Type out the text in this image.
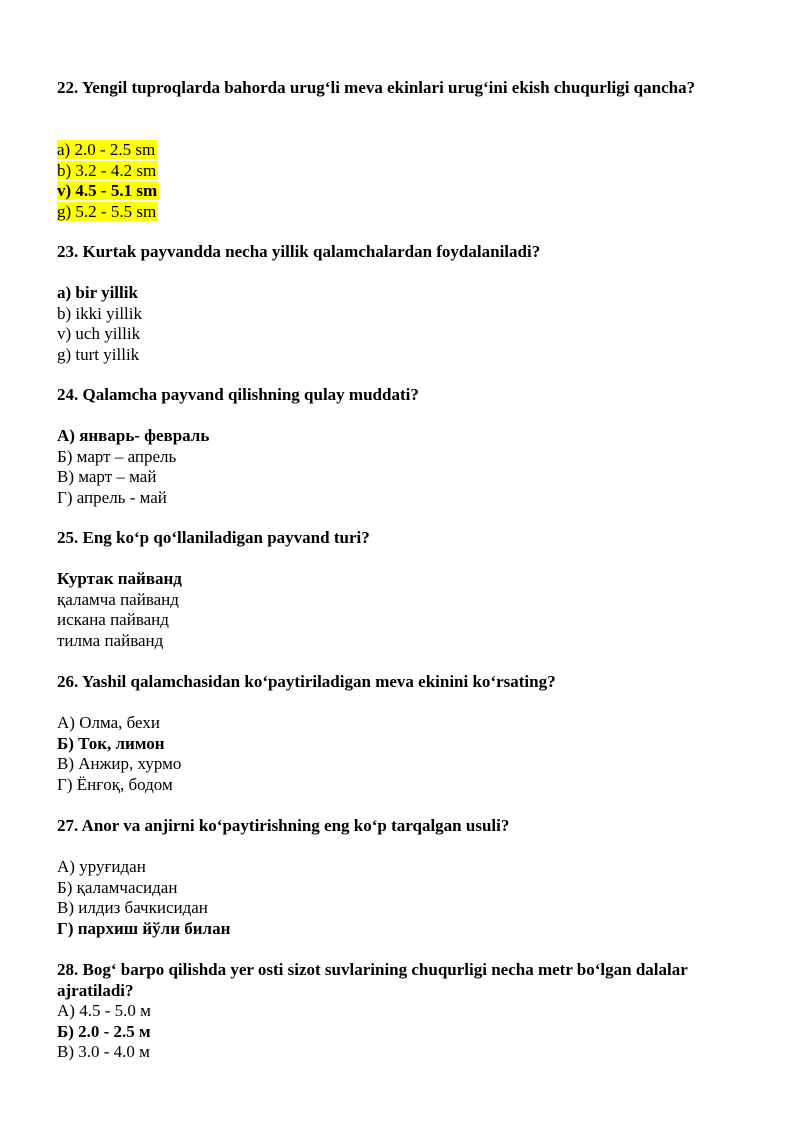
22. Yengil tuproqlarda bahorda urug‘li meva ekinlari urug‘ini ekish chuqurligi qancha?
a) 2.0 - 2.5 sm
b) 3.2 - 4.2 sm
v) 4.5 - 5.1 sm
g) 5.2 - 5.5 sm
23. Kurtak payvandda necha yillik qalamchalardan foydalaniladi?
a) bir yillik
b) ikki yillik
v) uch yillik
g) turt yillik
24. Qalamcha payvand qilishning qulay muddati?
А) январь- февраль
Б) март – апрель
В) март – май
Г) апрель - май
25. Eng ko‘p qo‘llaniladigan payvand turi?
Куртак пайванд
қаламча пайванд
искана пайванд
тилма пайванд
26. Yashil qalamchasidan ko‘paytiriladigan meva ekinini ko‘rsating?
А) Олма, бехи
Б) Ток, лимон
В) Анжир, хурмо
Г) Ёнғоқ, бодом
27. Anor va anjirni ko‘paytirishning eng ko‘p tarqalgan usuli?
А) уруғидан
Б) қаламчасидан
В) илдиз бачкисидан
Г) пархиш йўли билан
28. Bog‘ barpo qilishda yer osti sizot suvlarining chuqurligi necha metr bo‘lgan dalalar ajratiladi?
А) 4.5 - 5.0 м
Б) 2.0 - 2.5 м
В) 3.0 - 4.0 м
